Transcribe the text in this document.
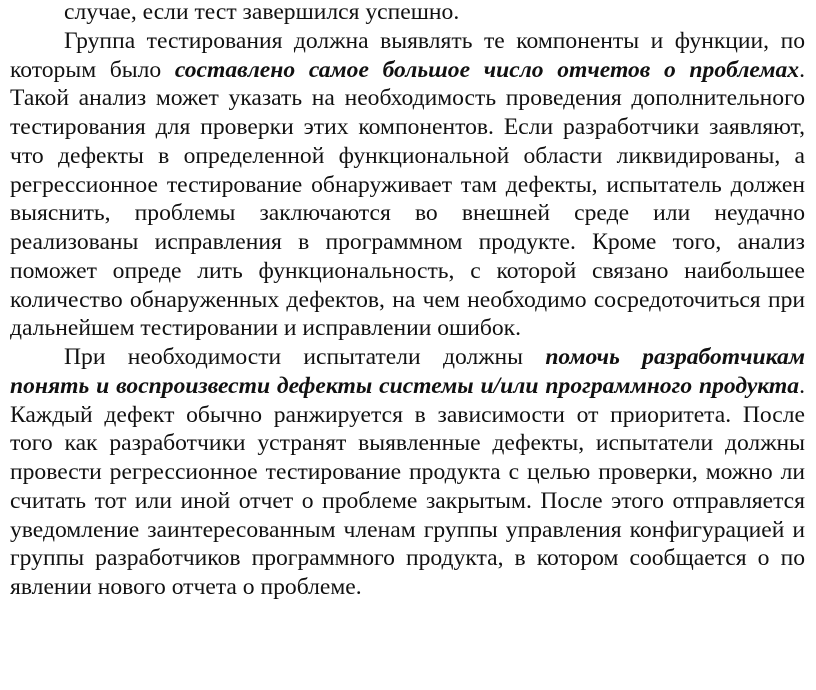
случае, если тест завершился успешно.

Группа тестирования должна выявлять те компоненты и функции, по которым было составлено самое большое число отчетов о проблемах. Такой анализ может указать на необходимость проведения дополнительного тестирования для проверки этих компонентов. Если разработчики заявляют, что дефекты в определенной функциональной области ликвидированы, а регрессионное тестирование обнаруживает там дефекты, испытатель должен выяснить, проблемы заключаются во внешней среде или неудачно реализованы исправления в программном продукте. Кроме того, анализ поможет опреде лить функциональность, с которой связано наибольшее количество обнаруженных дефектов, на чем необходимо сосредоточиться при дальнейшем тестировании и исправлении ошибок.

При необходимости испытатели должны помочь разработчикам понять и воспроизвести дефекты системы и/или программного продукта. Каждый дефект обычно ранжируется в зависимости от приоритета. После того как разработчики устранят выявленные дефекты, испытатели должны провести регрессионное тестирование продукта с целью проверки, можно ли считать тот или иной отчет о проблеме закрытым. После этого отправляется уведомление заинтересованным членам группы управления конфигурацией и группы разработчиков программного продукта, в котором сообщается о по явлении нового отчета о проблеме.
